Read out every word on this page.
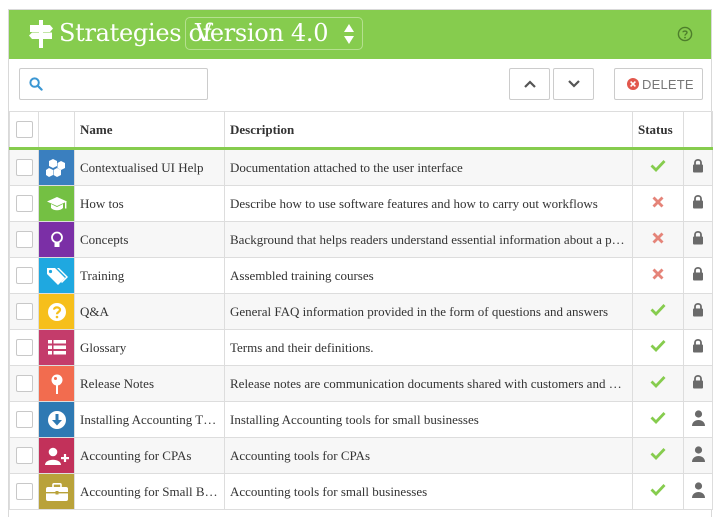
Strategies of
Version 4.0
DELETE
		Name	Description	Status	

	Contextualised UI Help	Documentation attached to the user interface		

	How tos	Describe how to use software features and how to carry out workflows		

	Concepts	Background that helps readers understand essential information about a p…		

	Training	Assembled training courses		

	Q&A	General FAQ information provided in the form of questions and answers		

	Glossary	Terms and their definitions.		

	Release Notes	Release notes are communication documents shared with customers and …		

	Installing Accounting T…	Installing Accounting tools for small businesses		

	Accounting for CPAs	Accounting tools for CPAs		

	Accounting for Small B…	Accounting tools for small businesses		
